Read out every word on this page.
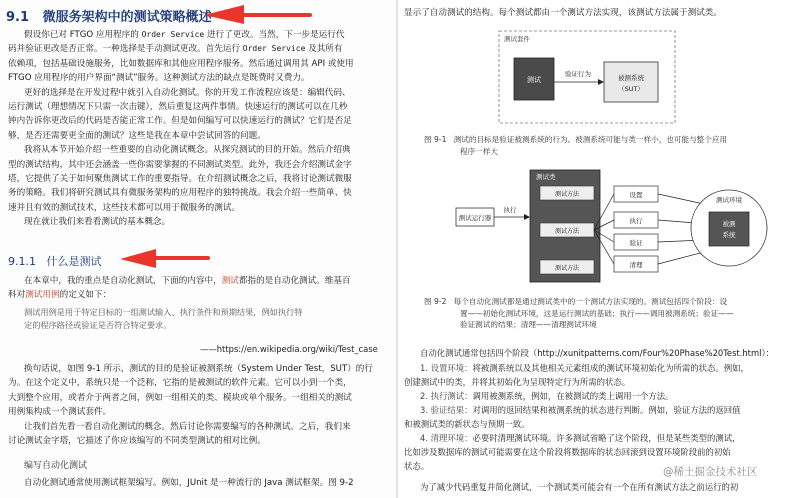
9.1 微服务架构中的测试策略概述
假设你已对 FTGO 应用程序的 Order Service 进行了更改。当然，下一步是运行代
码并验证更改是否正常。一种选择是手动测试更改。首先运行 Order Service 及其所有
依赖项，包括基础设施服务，比如数据库和其他应用程序服务。然后通过调用其 API 或使用
FTGO 应用程序的用户界面“测试”服务。这种测试方法的缺点是既费时又费力。
更好的选择是在开发过程中就引入自动化测试。你的开发工作流程应该是：编辑代码、
运行测试（理想情况下只需一次击键），然后重复这两件事情。快速运行的测试可以在几秒
钟内告诉你更改后的代码是否能正常工作。但是如何编写可以快速运行的测试？它们是否足
够，是否还需要更全面的测试？这些是我在本章中尝试回答的问题。
我将从本节开始介绍一些重要的自动化测试概念。从探究测试的目的开始。然后介绍典
型的测试结构，其中还会涵盖一些你需要掌握的不同测试类型。此外，我还会介绍测试金字
塔，它提供了关于如何聚焦测试工作的重要指导。在介绍测试概念之后，我将讨论测试微服
务的策略。我们将研究测试具有微服务架构的应用程序的独特挑战。我会介绍一些简单、快
速并且有效的测试技术，这些技术都可以用于微服务的测试。
现在就让我们来看看测试的基本概念。
9.1.1 什么是测试
在本章中，我的重点是自动化测试，下面的内容中，测试都指的是自动化测试。维基百
科对测试用例的定义如下：
测试用例是用于特定目标的一组测试输入、执行条件和预期结果，例如执行特
定的程序路径或验证是否符合特定要求。
——https://en.wikipedia.org/wiki/Test_case
换句话说，如图 9-1 所示，测试的目的是验证被测系统（System Under Test，SUT）的行
为。在这个定义中，系统只是一个泛称，它指的是被测试的软件元素。它可以小到一个类，
大到整个应用，或者介于两者之间，例如一组相关的类、模块或单个服务。一组相关的测试
用例集构成一个测试套件。
让我们首先看一看自动化测试的概念。然后讨论你需要编写的各种测试。之后，我们来
讨论测试金字塔，它描述了你应该编写的不同类型测试的相对比例。
编写自动化测试
自动化测试通常使用测试框架编写。例如，JUnit 是一种流行的 Java 测试框架。图 9-2
显示了自动测试的结构。每个测试都由一个测试方法实现，该测试方法属于测试类。
测试套件
测试
验证行为	被测系统
（SUT）
图 9-1 测试的目标是验证被测系统的行为。被测系统可能与类一样小，也可能与整个应用
程序一样大
测试运行器
执行
测试类
测试方法
测试方法
测试方法
设置
执行
验证
清理
测试环境
被测
系统
图 9-2 每个自动化测试都是通过测试类中的一个测试方法实现的。测试包括四个阶段：设
置——初始化测试环境，这是运行测试的基础；执行——调用被测系统；验证——
验证测试的结果；清理——清理测试环境
自动化测试通常包括四个阶段（http://xunitpatterns.com/Four%20Phase%20Test.html）：
1. 设置环境：将被测系统以及其他相关元素组成的测试环境初始化为所需的状态。例如，
创建测试中的类，并将其初始化为呈现特定行为所需的状态。
2. 执行测试：调用被测系统，例如，在被测试的类上调用一个方法。
3. 验证结果：对调用的返回结果和被测系统的状态进行判断。例如，验证方法的返回值
和被测试类的新状态与预期一致。
4. 清理环境：必要时清理测试环境。许多测试省略了这个阶段，但是某些类型的测试，
比如涉及数据库的测试可能需要在这个阶段将数据库的状态回滚到设置环境阶段前的初始
状态。
为了减少代码重复并简化测试，一个测试类可能会有一个在所有测试方法之前运行的初
@稀土掘金技术社区
